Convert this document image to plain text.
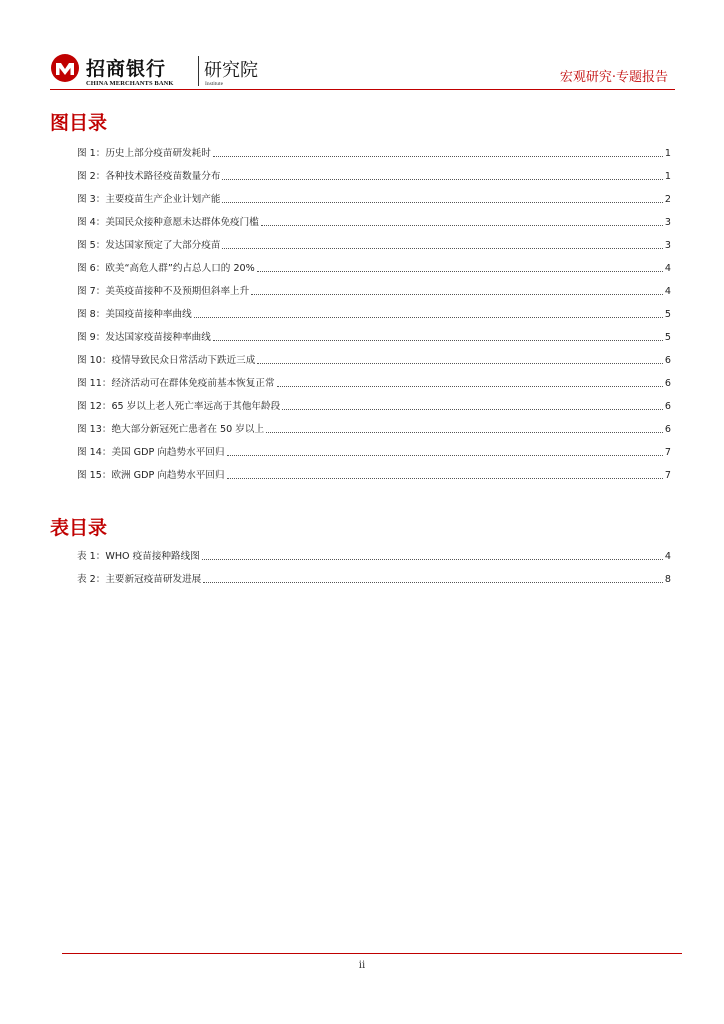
招商银行
CHINA MERCHANTS BANK
研究院
Institute	宏观研究·专题报告
图目录
图 1：历史上部分疫苗研发耗时	1
图 2：各种技术路径疫苗数量分布	1
图 3：主要疫苗生产企业计划产能	2
图 4：美国民众接种意愿未达群体免疫门槛	3
图 5：发达国家预定了大部分疫苗	3
图 6：欧美“高危人群”约占总人口的 20%	4
图 7：美英疫苗接种不及预期但斜率上升	4
图 8：美国疫苗接种率曲线	5
图 9：发达国家疫苗接种率曲线	5
图 10：疫情导致民众日常活动下跌近三成	6
图 11：经济活动可在群体免疫前基本恢复正常	6
图 12：65 岁以上老人死亡率远高于其他年龄段	6
图 13：绝大部分新冠死亡患者在 50 岁以上	6
图 14：美国 GDP 向趋势水平回归	7
图 15：欧洲 GDP 向趋势水平回归	7
表目录
表 1：WHO 疫苗接种路线图	4
表 2：主要新冠疫苗研发进展	8
ii
